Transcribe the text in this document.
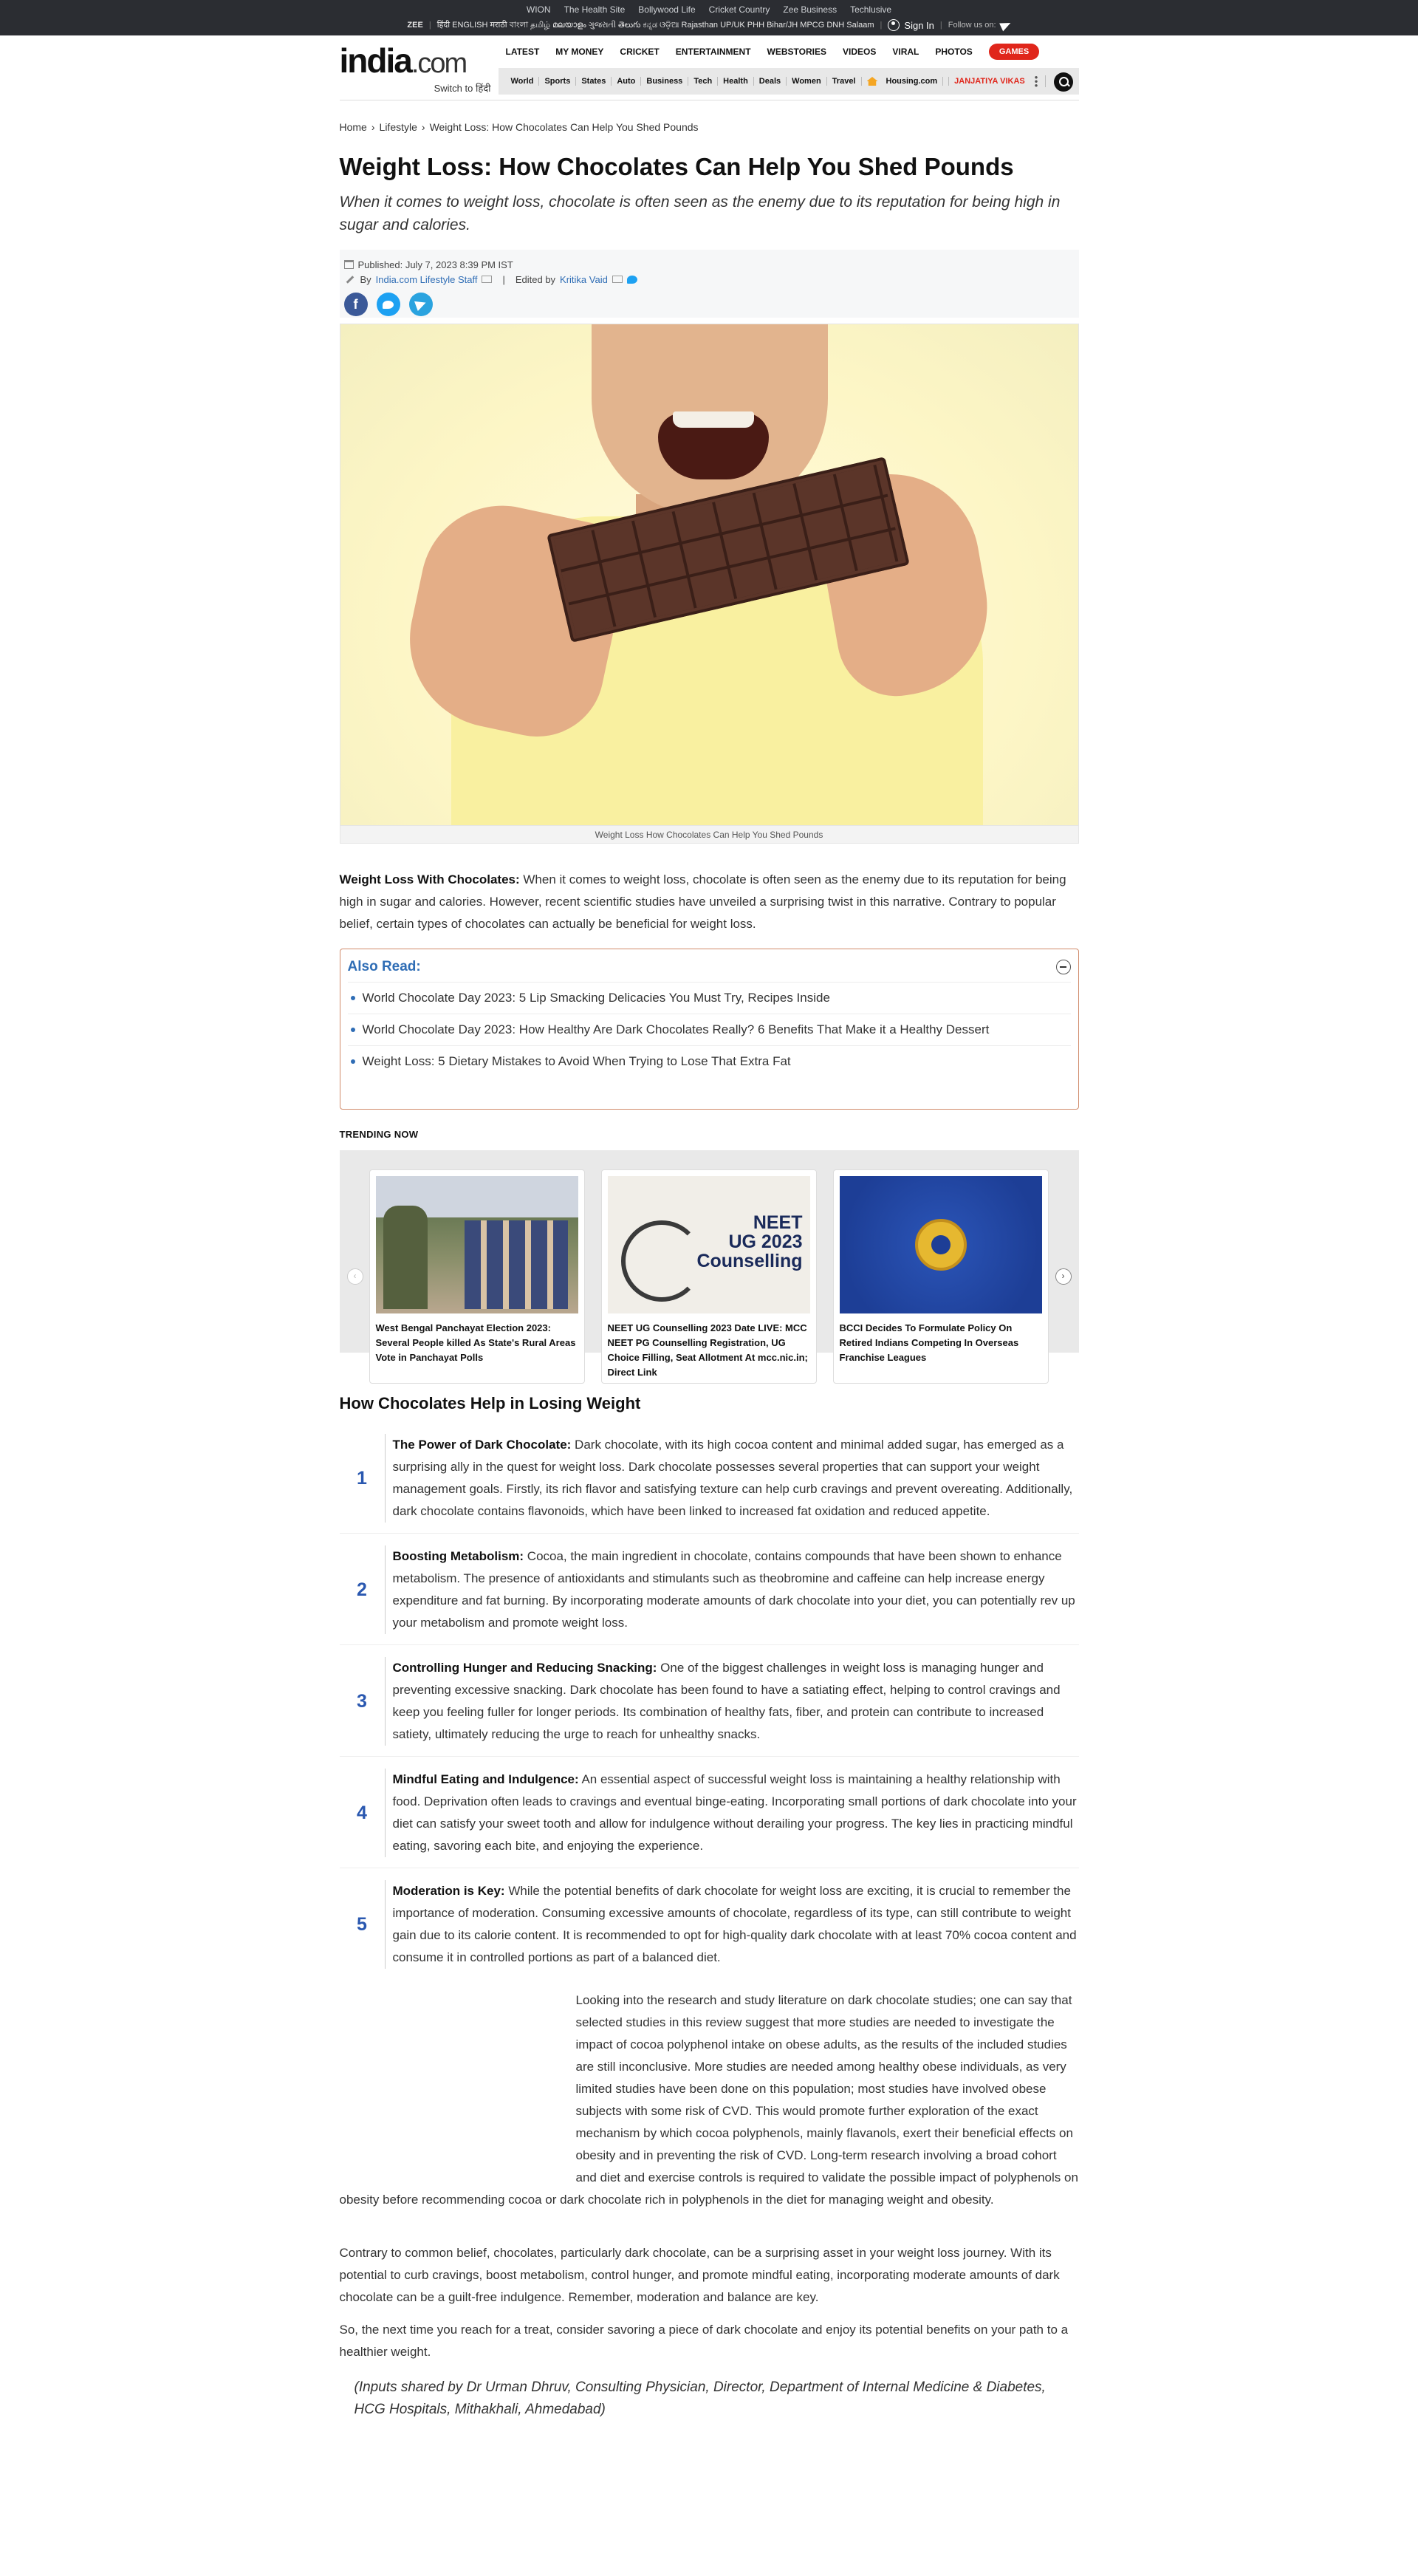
WION The Health Site Bollywood Life Cricket Country Zee Business Techlusive
ZEE | हिंदी ENGLISH मराठी বাংলা தமிழ் മലയാളം ગુજરાતી తెలుగు ಕನ್ನಡ ଓଡ଼ିଆ Rajasthan UP/UK PHH Bihar/JH MPCG DNH Salaam | Sign In | Follow us on:
india.com
Switch to हिंदी
LATEST MY MONEY CRICKET ENTERTAINMENT WEBSTORIES VIDEOS VIRAL PHOTOS	GAMES
World	Sports	States	Auto	Business	Tech	Health	Deals	Women	Travel	Housing.com	JANJATIYA VIKAS
Home › Lifestyle › Weight Loss: How Chocolates Can Help You Shed Pounds
Weight Loss: How Chocolates Can Help You Shed Pounds
When it comes to weight loss, chocolate is often seen as the enemy due to its reputation for being high in sugar and calories.
Published: July 7, 2023 8:39 PM IST
By India.com Lifestyle Staff	| Edited by Kritika Vaid
f
Weight Loss How Chocolates Can Help You Shed Pounds

Weight Loss With Chocolates: When it comes to weight loss, chocolate is often seen as the enemy due to its reputation for being high in sugar and calories. However, recent scientific studies have unveiled a surprising twist in this narrative. Contrary to popular belief, certain types of chocolates can actually be beneficial for weight loss.

Also Read:
World Chocolate Day 2023: 5 Lip Smacking Delicacies You Must Try, Recipes Inside
World Chocolate Day 2023: How Healthy Are Dark Chocolates Really? 6 Benefits That Make it a Healthy Dessert
Weight Loss: 5 Dietary Mistakes to Avoid When Trying to Lose That Extra Fat
TRENDING NOW
‹	›
West Bengal Panchayat Election 2023: Several People killed As State's Rural Areas Vote in Panchayat Polls
NEET
UG 2023
Counselling
NEET UG Counselling 2023 Date LIVE: MCC NEET PG Counselling Registration, UG Choice Filling, Seat Allotment At mcc.nic.in; Direct Link
BCCI Decides To Formulate Policy On Retired Indians Competing In Overseas Franchise Leagues
How Chocolates Help in Losing Weight
1

The Power of Dark Chocolate: Dark chocolate, with its high cocoa content and minimal added sugar, has emerged as a surprising ally in the quest for weight loss. Dark chocolate possesses several properties that can support your weight management goals. Firstly, its rich flavor and satisfying texture can help curb cravings and prevent overeating. Additionally, dark chocolate contains flavonoids, which have been linked to increased fat oxidation and reduced appetite.

2

Boosting Metabolism: Cocoa, the main ingredient in chocolate, contains compounds that have been shown to enhance metabolism. The presence of antioxidants and stimulants such as theobromine and caffeine can help increase energy expenditure and fat burning. By incorporating moderate amounts of dark chocolate into your diet, you can potentially rev up your metabolism and promote weight loss.

3

Controlling Hunger and Reducing Snacking: One of the biggest challenges in weight loss is managing hunger and preventing excessive snacking. Dark chocolate has been found to have a satiating effect, helping to control cravings and keep you feeling fuller for longer periods. Its combination of healthy fats, fiber, and protein can contribute to increased satiety, ultimately reducing the urge to reach for unhealthy snacks.

4

Mindful Eating and Indulgence: An essential aspect of successful weight loss is maintaining a healthy relationship with food. Deprivation often leads to cravings and eventual binge-eating. Incorporating small portions of dark chocolate into your diet can satisfy your sweet tooth and allow for indulgence without derailing your progress. The key lies in practicing mindful eating, savoring each bite, and enjoying the experience.

5

Moderation is Key: While the potential benefits of dark chocolate for weight loss are exciting, it is crucial to remember the importance of moderation. Consuming excessive amounts of chocolate, regardless of its type, can still contribute to weight gain due to its calorie content. It is recommended to opt for high-quality dark chocolate with at least 70% cocoa content and consume it in controlled portions as part of a balanced diet.

Looking into the research and study literature on dark chocolate studies; one can say that selected studies in this review suggest that more studies are needed to investigate the impact of cocoa polyphenol intake on obese adults, as the results of the included studies are still inconclusive. More studies are needed among healthy obese individuals, as very limited studies have been done on this population; most studies have involved obese subjects with some risk of CVD. This would promote further exploration of the exact mechanism by which cocoa polyphenols, mainly flavanols, exert their beneficial effects on obesity and in preventing the risk of CVD. Long-term research involving a broad cohort and diet and exercise controls is required to validate the possible impact of polyphenols on obesity before recommending cocoa or dark chocolate rich in polyphenols in the diet for managing weight and obesity.

Contrary to common belief, chocolates, particularly dark chocolate, can be a surprising asset in your weight loss journey. With its potential to curb cravings, boost metabolism, control hunger, and promote mindful eating, incorporating moderate amounts of dark chocolate can be a guilt-free indulgence. Remember, moderation and balance are key.

So, the next time you reach for a treat, consider savoring a piece of dark chocolate and enjoy its potential benefits on your path to a healthier weight.

(Inputs shared by Dr Urman Dhruv, Consulting Physician, Director, Department of Internal Medicine & Diabetes, HCG Hospitals, Mithakhali, Ahmedabad)
